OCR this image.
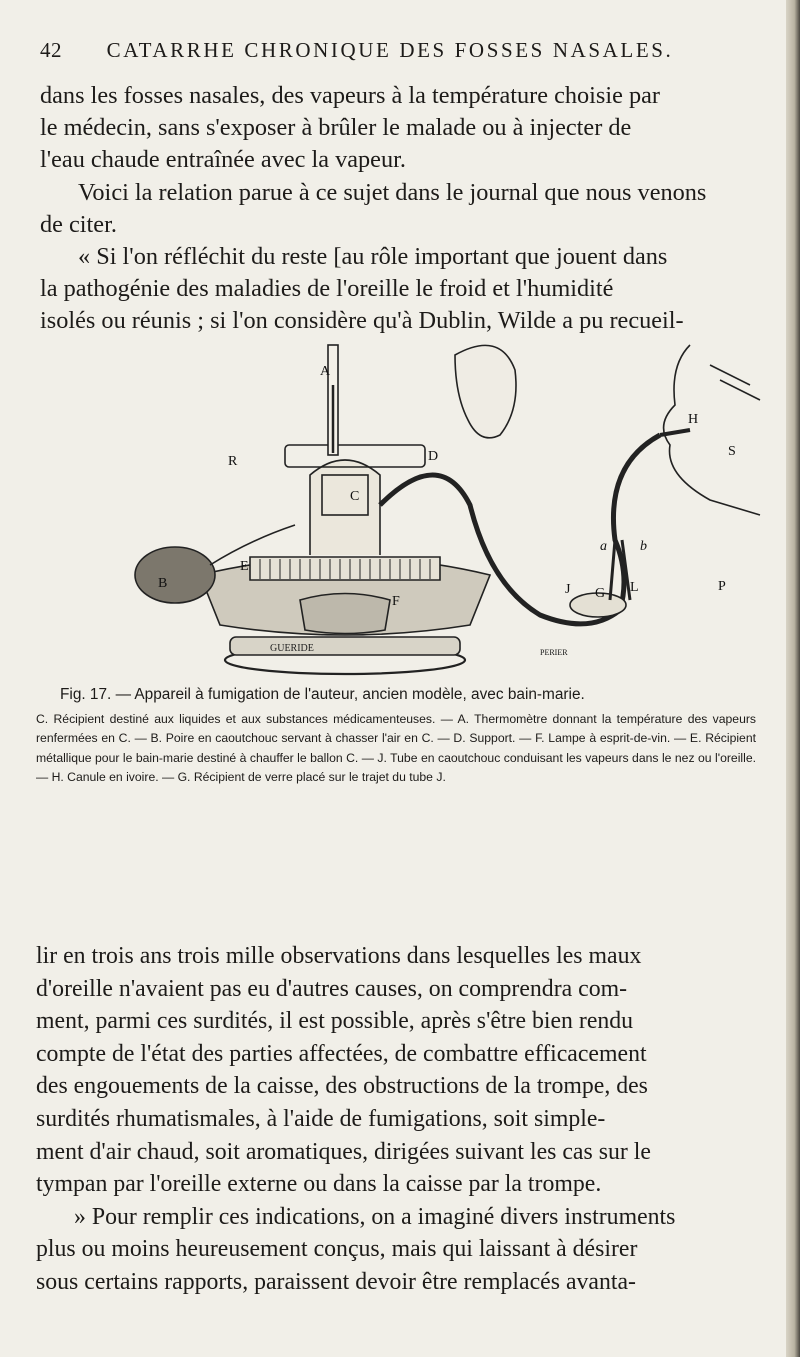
42	CATARRHE CHRONIQUE DES FOSSES NASALES.

dans les fosses nasales, des vapeurs à la température choisie par
le médecin, sans s'exposer à brûler le malade ou à injecter de
l'eau chaude entraînée avec la vapeur.
Voici la relation parue à ce sujet dans le journal que nous venons
de citer.
« Si l'on réfléchit du reste [au rôle important que jouent dans
la pathogénie des maladies de l'oreille le froid et l'humidité
isolés ou réunis ; si l'on considère qu'à Dublin, Wilde a pu recueil-

GUERIDE
A
B
C
D
E
F
G
H
J	L	P
R
S
a b
PERIER

Fig. 17. — Appareil à fumigation de l'auteur, ancien modèle, avec bain-marie.

C. Récipient destiné aux liquides et aux substances médicamenteuses. — A. Thermomètre donnant la température des vapeurs renfermées en C. — B. Poire en caoutchouc servant à chasser l'air en C. — D. Support. — F. Lampe à esprit-de-vin. — E. Récipient métallique pour le bain-marie destiné à chauffer le ballon C. — J. Tube en caoutchouc conduisant les vapeurs dans le nez ou l'oreille. — H. Canule en ivoire. — G. Récipient de verre placé sur le trajet du tube J.

lir en trois ans trois mille observations dans lesquelles les maux
d'oreille n'avaient pas eu d'autres causes, on comprendra com-
ment, parmi ces surdités, il est possible, après s'être bien rendu
compte de l'état des parties affectées, de combattre efficacement
des engouements de la caisse, des obstructions de la trompe, des
surdités rhumatismales, à l'aide de fumigations, soit simple-
ment d'air chaud, soit aromatiques, dirigées suivant les cas sur le
tympan par l'oreille externe ou dans la caisse par la trompe.
» Pour remplir ces indications, on a imaginé divers instruments
plus ou moins heureusement conçus, mais qui laissant à désirer
sous certains rapports, paraissent devoir être remplacés avanta-
